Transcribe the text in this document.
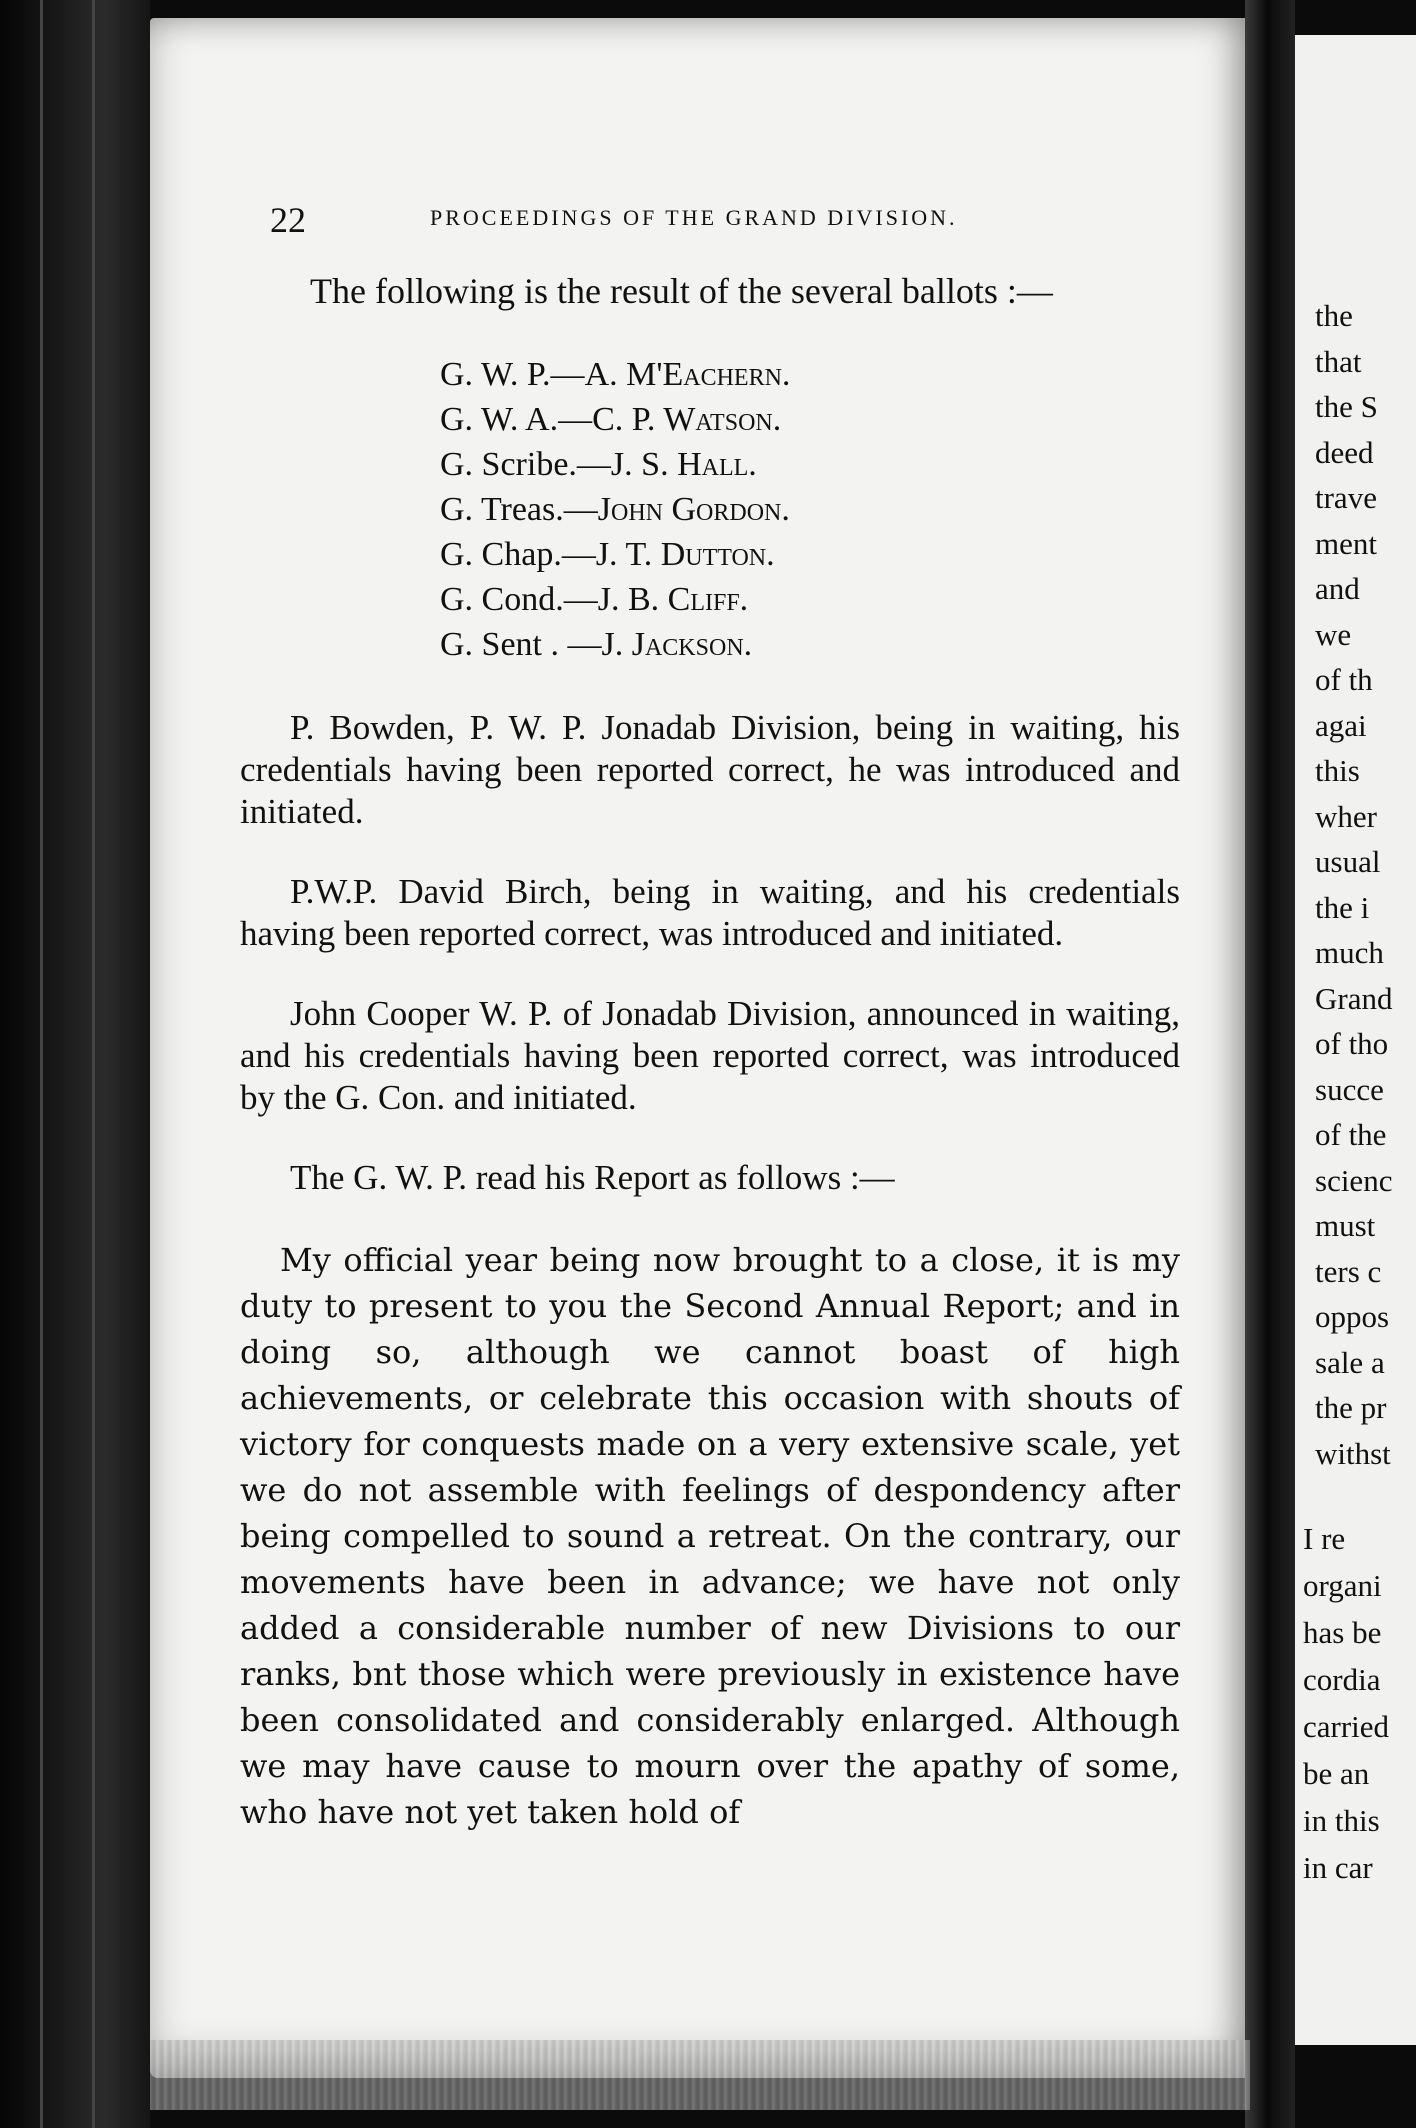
the
that
the S
deed
trave
ment
and
we
of th
agai
this
wher
usual
the i
much
Grand
of tho
succe
of the
scienc
must
ters c
oppos
sale a
the pr
withst
I re
organi
has be
cordia
carried
be an
in this
in car
22	PROCEEDINGS OF THE GRAND DIVISION.

The following is the result of the several ballots :—

G. W. P.—A. M'Eachern.
G. W. A.—C. P. Watson.
G. Scribe.—J. S. Hall.
G. Treas.—John Gordon.
G. Chap.—J. T. Dutton.
G. Cond.—J. B. Cliff.
G. Sent . —J. Jackson.

P. Bowden, P. W. P. Jonadab Division, being in waiting, his credentials having been reported correct, he was introduced and initiated.

P.W.P. David Birch, being in waiting, and his credentials having been reported correct, was introduced and initiated.

John Cooper W. P. of Jonadab Division, announced in waiting, and his credentials having been reported correct, was introduced by the G. Con. and initiated.

The G. W. P. read his Report as follows :—

My official year being now brought to a close, it is my duty to present to you the Second Annual Report; and in doing so, although we cannot boast of high achievements, or celebrate this occasion with shouts of victory for conquests made on a very extensive scale, yet we do not assemble with feelings of despondency after being compelled to sound a retreat. On the contrary, our movements have been in advance; we have not only added a considerable number of new Divisions to our ranks, bnt those which were previously in existence have been consolidated and considerably enlarged. Although we may have cause to mourn over the apathy of some, who have not yet taken hold of
